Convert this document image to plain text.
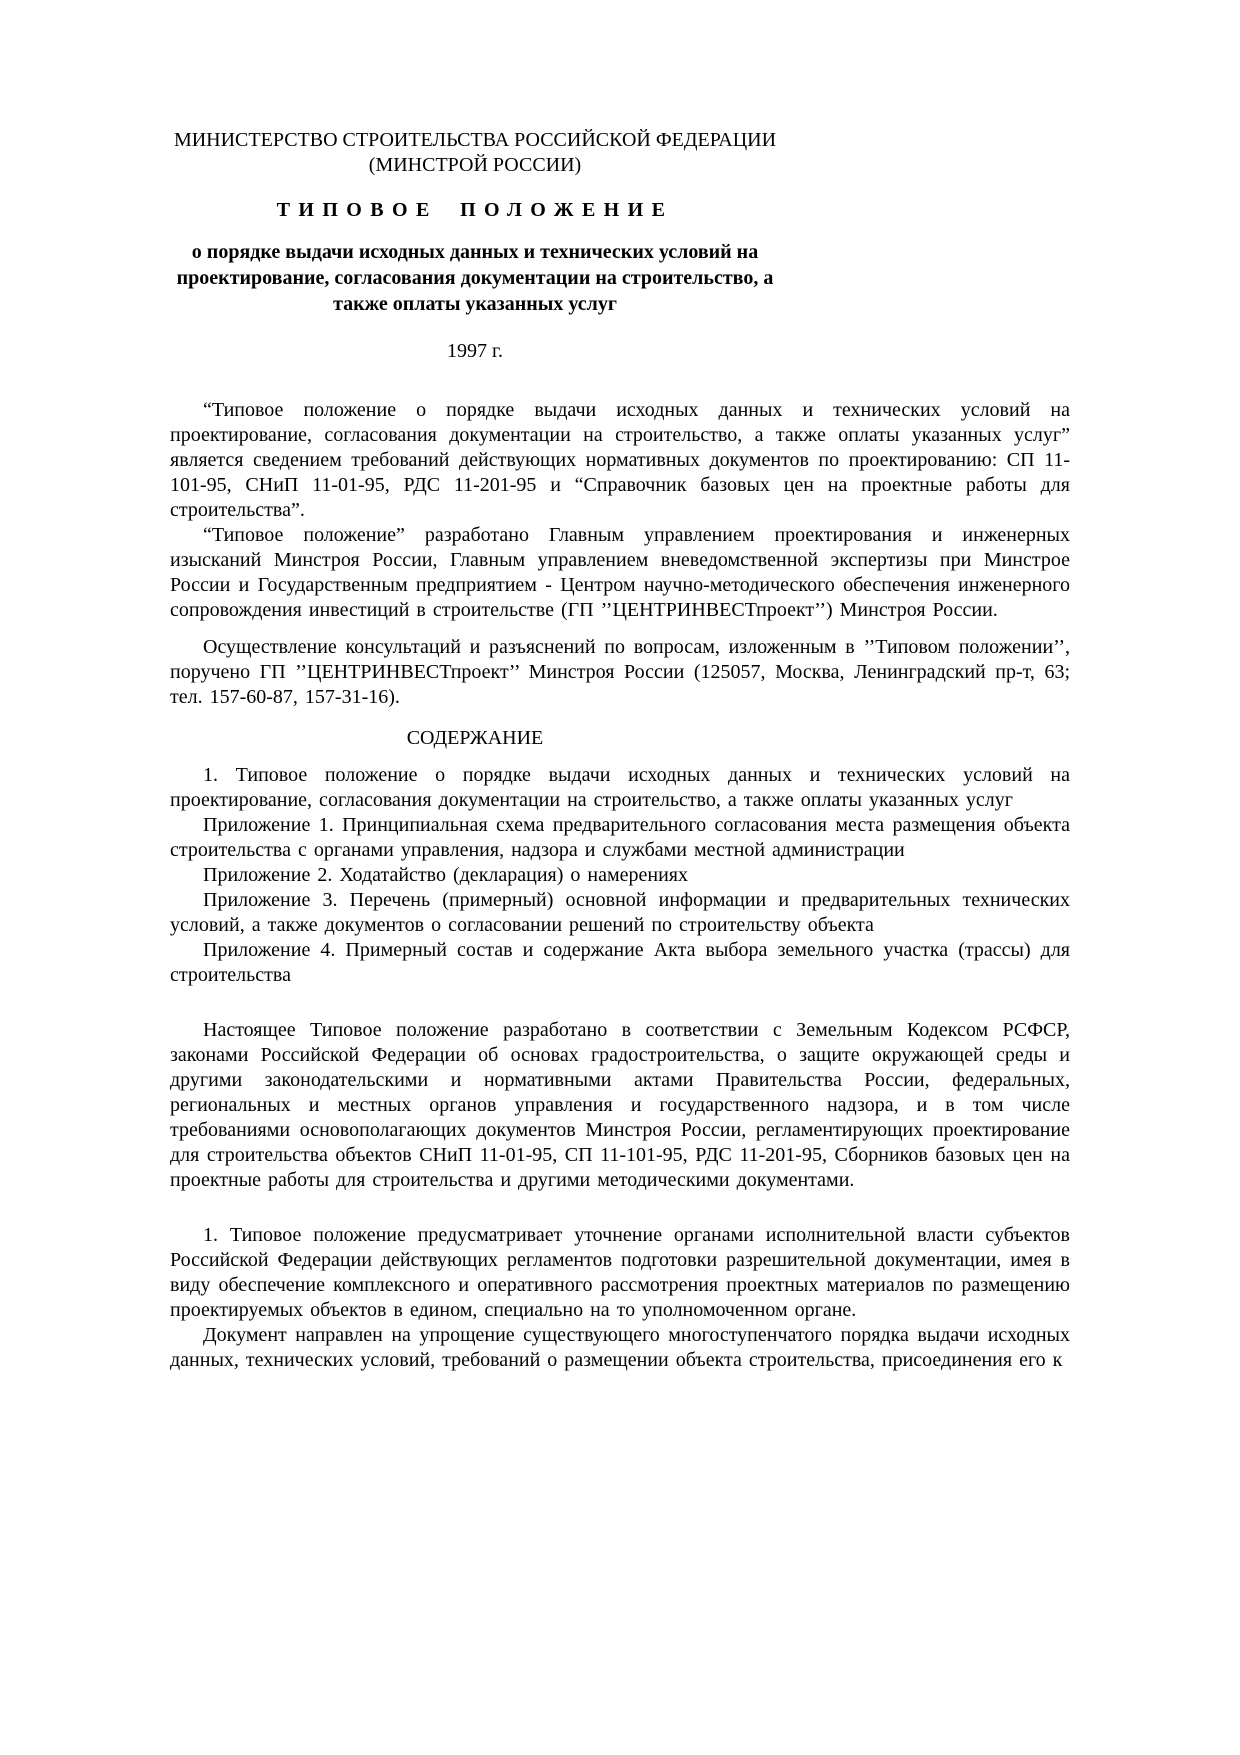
МИНИСТЕРСТВО СТРОИТЕЛЬСТВА РОССИЙСКОЙ ФЕДЕРАЦИИ (МИНСТРОЙ РОССИИ)

ТИПОВОЕ ПОЛОЖЕНИЕ

о порядке выдачи исходных данных и технических условий на проектирование, согласования документации на строительство, а также оплаты указанных услуг

1997 г.

“Типовое положение о порядке выдачи исходных данных и технических условий на проектирование, согласования документации на строительство, а также оплаты указанных услуг” является сведением требований действующих нормативных документов по проектированию: СП 11-101-95, СНиП 11-01-95, РДС 11-201-95 и “Справочник базовых цен на проектные работы для строительства”.

“Типовое положение” разработано Главным управлением проектирования и инженерных изысканий Минстроя России, Главным управлением вневедомственной экспертизы при Минстрое России и Государственным предприятием - Центром научно-методического обеспечения инженерного сопровождения инвестиций в строительстве (ГП ’’ЦЕНТРИНВЕСТпроект’’) Минстроя России.

Осуществление консультаций и разъяснений по вопросам, изложенным в ’’Типовом положении’’, поручено ГП ’’ЦЕНТРИНВЕСТпроект’’ Минстроя России (125057, Москва, Ленинградский пр-т, 63; тел. 157-60-87, 157-31-16).

СОДЕРЖАНИЕ

1. Типовое положение о порядке выдачи исходных данных и технических условий на проектирование, согласования документации на строительство, а также оплаты указанных услуг

Приложение 1. Принципиальная схема предварительного согласования места размещения объекта строительства с органами управления, надзора и службами местной администрации

Приложение 2. Ходатайство (декларация) о намерениях

Приложение 3. Перечень (примерный) основной информации и предварительных технических условий, а также документов о согласовании решений по строительству объекта

Приложение 4. Примерный состав и содержание Акта выбора земельного участка (трассы) для строительства

Настоящее Типовое положение разработано в соответствии с Земельным Кодексом РСФСР, законами Российской Федерации об основах градостроительства, о защите окружающей среды и другими законодательскими и нормативными актами Правительства России, федеральных, региональных и местных органов управления и государственного надзора, и в том числе требованиями основополагающих документов Минстроя России, регламентирующих проектирование для строительства объектов СНиП 11-01-95, СП 11-101-95, РДС 11-201-95, Сборников базовых цен на проектные работы для строительства и другими методическими документами.

1. Типовое положение предусматривает уточнение органами исполнительной власти субъектов Российской Федерации действующих регламентов подготовки разрешительной документации, имея в виду обеспечение комплексного и оперативного рассмотрения проектных материалов по размещению проектируемых объектов в едином, специально на то уполномоченном органе.

Документ направлен на упрощение существующего многоступенчатого порядка выдачи исходных данных, технических условий, требований о размещении объекта строительства, присоединения его к
